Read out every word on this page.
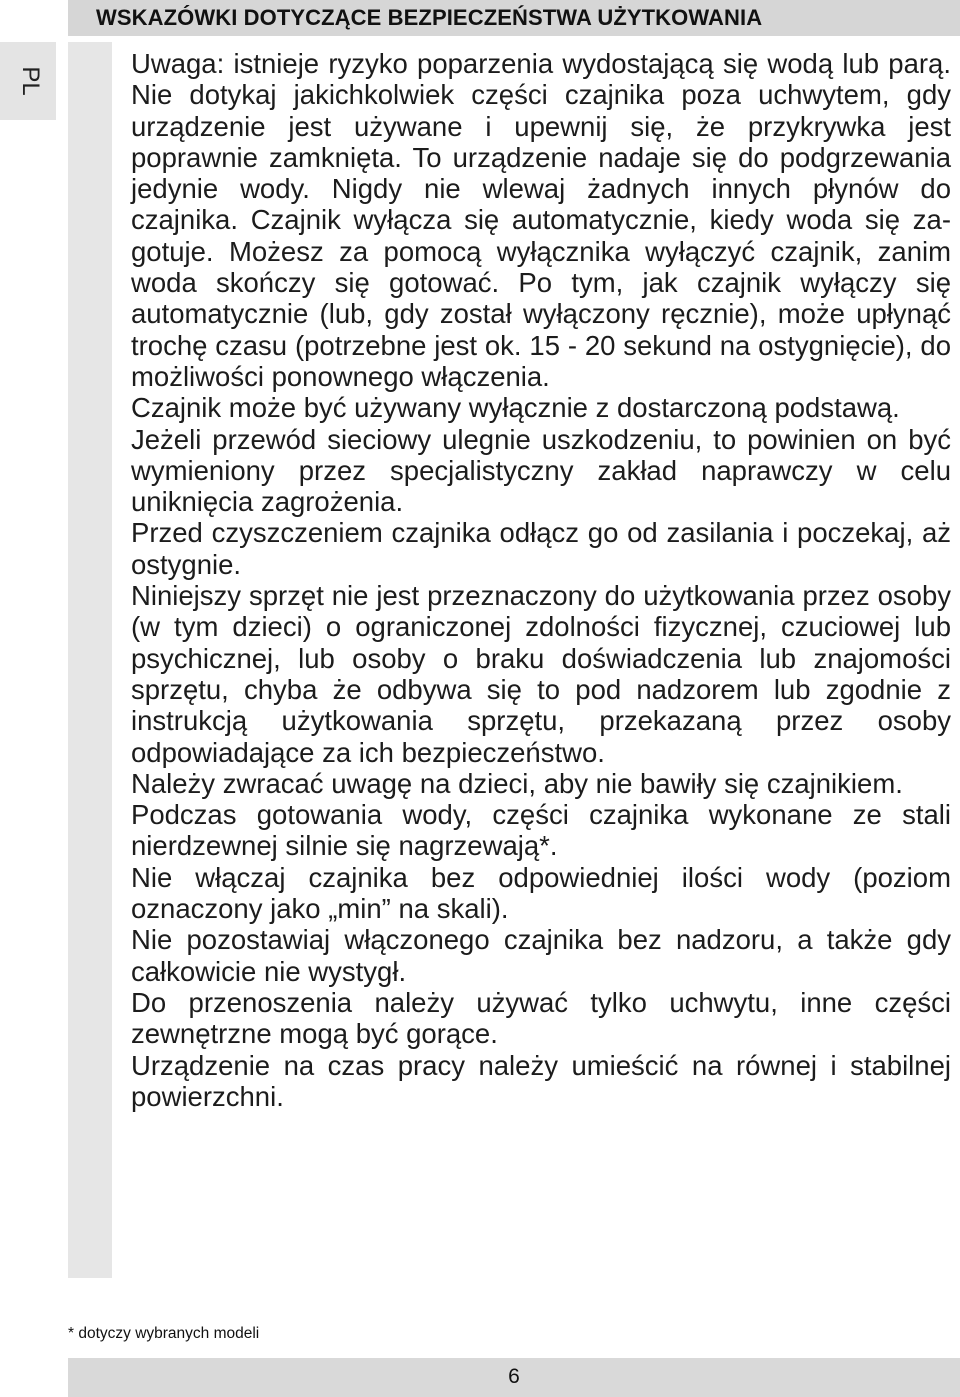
WSKAZÓWKI DOTYCZĄCE BEZPIECZEŃSTWA UŻYTKOWANIA
PL

Uwaga: istnieje ryzyko poparzenia wydostającą się wodą lub parą. Nie dotykaj jakichkolwiek części czajnika poza uchwytem, gdy urządzenie jest używane i upewnij się, że przykrywka jest poprawnie zamknięta. To urządzenie nadaje się do podgrzewania jedynie wody. Nigdy nie wlewaj żadnych innych płynów do czajnika. Czajnik wyłącza się automatycznie, kiedy woda się zagotuje. Możesz za pomocą wyłącznika wyłączyć czajnik, zanim woda skończy się gotować. Po tym, jak czajnik wyłączy się automatycznie (lub, gdy został wyłączony ręcznie), może upłynąć trochę czasu (potrzebne jest ok. 15 - 20 sekund na ostygnięcie), do możliwości ponownego włączenia.

Czajnik może być używany wyłącznie z dostarczoną podstawą.

Jeżeli przewód sieciowy ulegnie uszkodzeniu, to powinien on być wymieniony przez specjalistyczny zakład naprawczy w celu uniknięcia zagrożenia.

Przed czyszczeniem czajnika odłącz go od zasilania i poczekaj, aż ostygnie.

Niniejszy sprzęt nie jest przeznaczony do użytkowania przez osoby (w tym dzieci) o ograniczonej zdolności fizycznej, czuciowej lub psychicznej, lub osoby o braku doświadczenia lub znajomości sprzętu, chyba że odbywa się to pod nadzorem lub zgodnie z instrukcją użytkowania sprzętu, przekazaną przez osoby odpowiadające za ich bezpieczeństwo.

Należy zwracać uwagę na dzieci, aby nie bawiły się czajnikiem.

Podczas gotowania wody, części czajnika wykonane ze stali nierdzewnej silnie się nagrzewają*.

Nie włączaj czajnika bez odpowiedniej ilości wody (poziom oznaczony jako „min” na skali).

Nie pozostawiaj włączonego czajnika bez nadzoru, a także gdy całkowicie nie wystygł.

Do przenoszenia należy używać tylko uchwytu, inne części zewnętrzne mogą być gorące.

Urządzenie na czas pracy należy umieścić na równej i stabilnej powierzchni.

* dotyczy wybranych modeli
6
